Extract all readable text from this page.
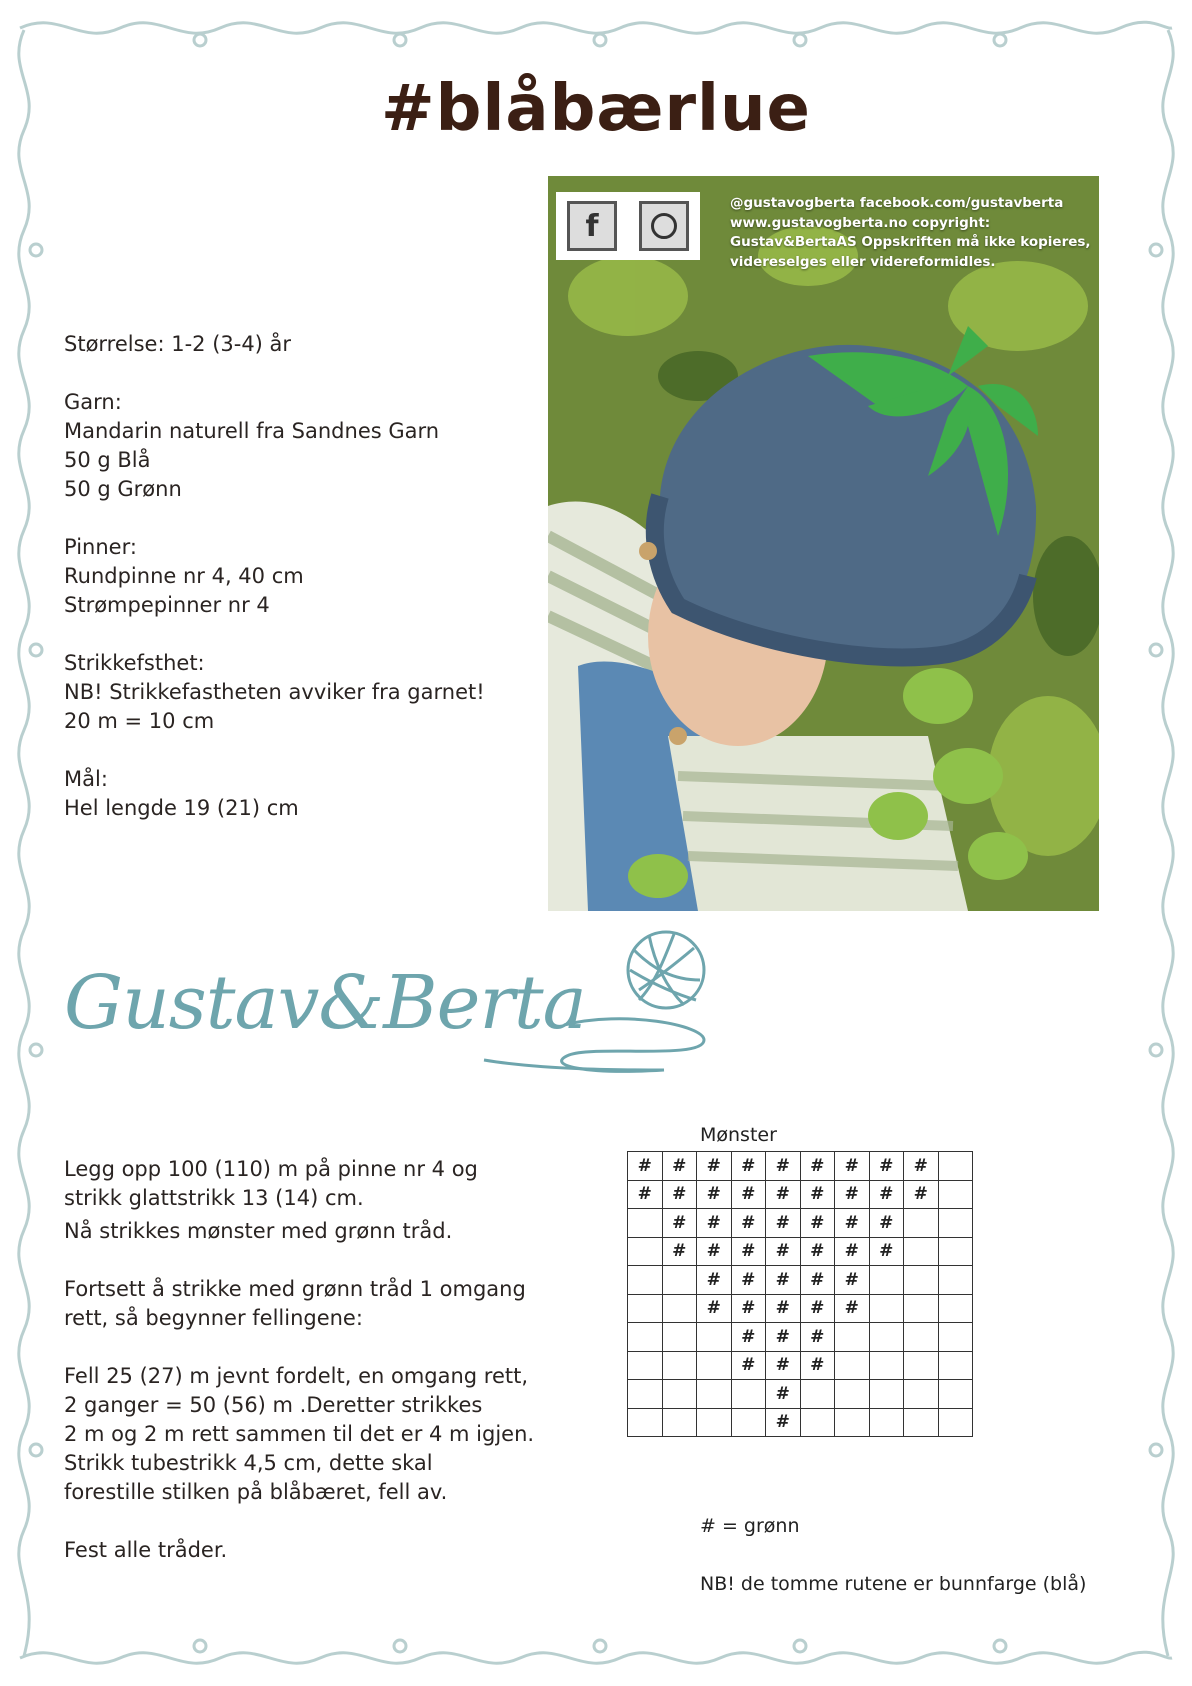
#blåbærlue
Størrelse: 1-2 (3-4) år
Garn:
Mandarin naturell fra Sandnes Garn
50 g Blå
50 g Grønn
Pinner:
Rundpinne nr 4, 40 cm
Strømpepinner nr 4
Strikkefsthet:
NB! Strikkefastheten avviker fra garnet!
20 m = 10 cm
Mål:
Hel lengde 19 (21) cm
f
@gustavogberta facebook.com/gustavberta
www.gustavogberta.no copyright:
Gustav&BertaAS Oppskriften må ikke kopieres,
videreselges eller videreformidles.
Gustav&Berta
Legg opp 100 (110) m på pinne nr 4 og
strikk glattstrikk 13 (14) cm.
Nå strikkes mønster med grønn tråd.
Fortsett å strikke med grønn tråd 1 omgang
rett, så begynner fellingene:
Fell 25 (27) m jevnt fordelt, en omgang rett,
2 ganger = 50 (56) m .Deretter strikkes
2 m og 2 m rett sammen til det er 4 m igjen.
Strikk tubestrikk 4,5 cm, dette skal
forestille stilken på blåbæret, fell av.
Fest alle tråder.
Mønster
#	#	#	#	#	#	#	#	#	
#	#	#	#	#	#	#	#	#	
	#	#	#	#	#	#	#		
	#	#	#	#	#	#	#		
		#	#	#	#	#			
		#	#	#	#	#			
			#	#	#				
			#	#	#				
				#					
				#					
# = grønn
NB! de tomme rutene er bunnfarge (blå)
